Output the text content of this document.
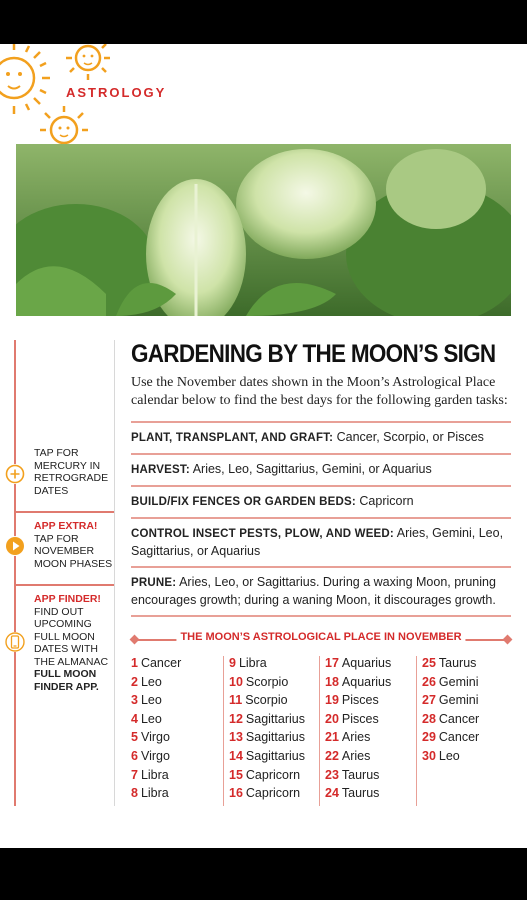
ASTROLOGY
TAP FOR MERCURY IN RETROGRADE DATES
APP EXTRA!
TAP FOR NOVEMBER MOON PHASES
APP FINDER!
FIND OUT UPCOMING FULL MOON DATES WITH THE ALMANAC
FULL MOON FINDER APP.
GARDENING BY THE MOON’S SIGN
Use the November dates shown in the Moon’s Astrological Place calendar below to find the best days for the following garden tasks:
PLANT, TRANSPLANT, AND GRAFT: Cancer, Scorpio, or Pisces
HARVEST: Aries, Leo, Sagittarius, Gemini, or Aquarius
BUILD/FIX FENCES OR GARDEN BEDS: Capricorn
CONTROL INSECT PESTS, PLOW, AND WEED: Aries, Gemini, Leo, Sagittarius, or Aquarius
PRUNE: Aries, Leo, or Sagittarius. During a waxing Moon, pruning encourages growth; during a waning Moon, it discourages growth.
THE MOON’S ASTROLOGICAL PLACE IN NOVEMBER
1 Cancer
2 Leo
3 Leo
4 Leo
5 Virgo
6 Virgo
7 Libra
8 Libra
9 Libra
10 Scorpio
11 Scorpio
12 Sagittarius
13 Sagittarius
14 Sagittarius
15 Capricorn
16 Capricorn
17 Aquarius
18 Aquarius
19 Pisces
20 Pisces
21 Aries
22 Aries
23 Taurus
24 Taurus
25 Taurus
26 Gemini
27 Gemini
28 Cancer
29 Cancer
30 Leo
